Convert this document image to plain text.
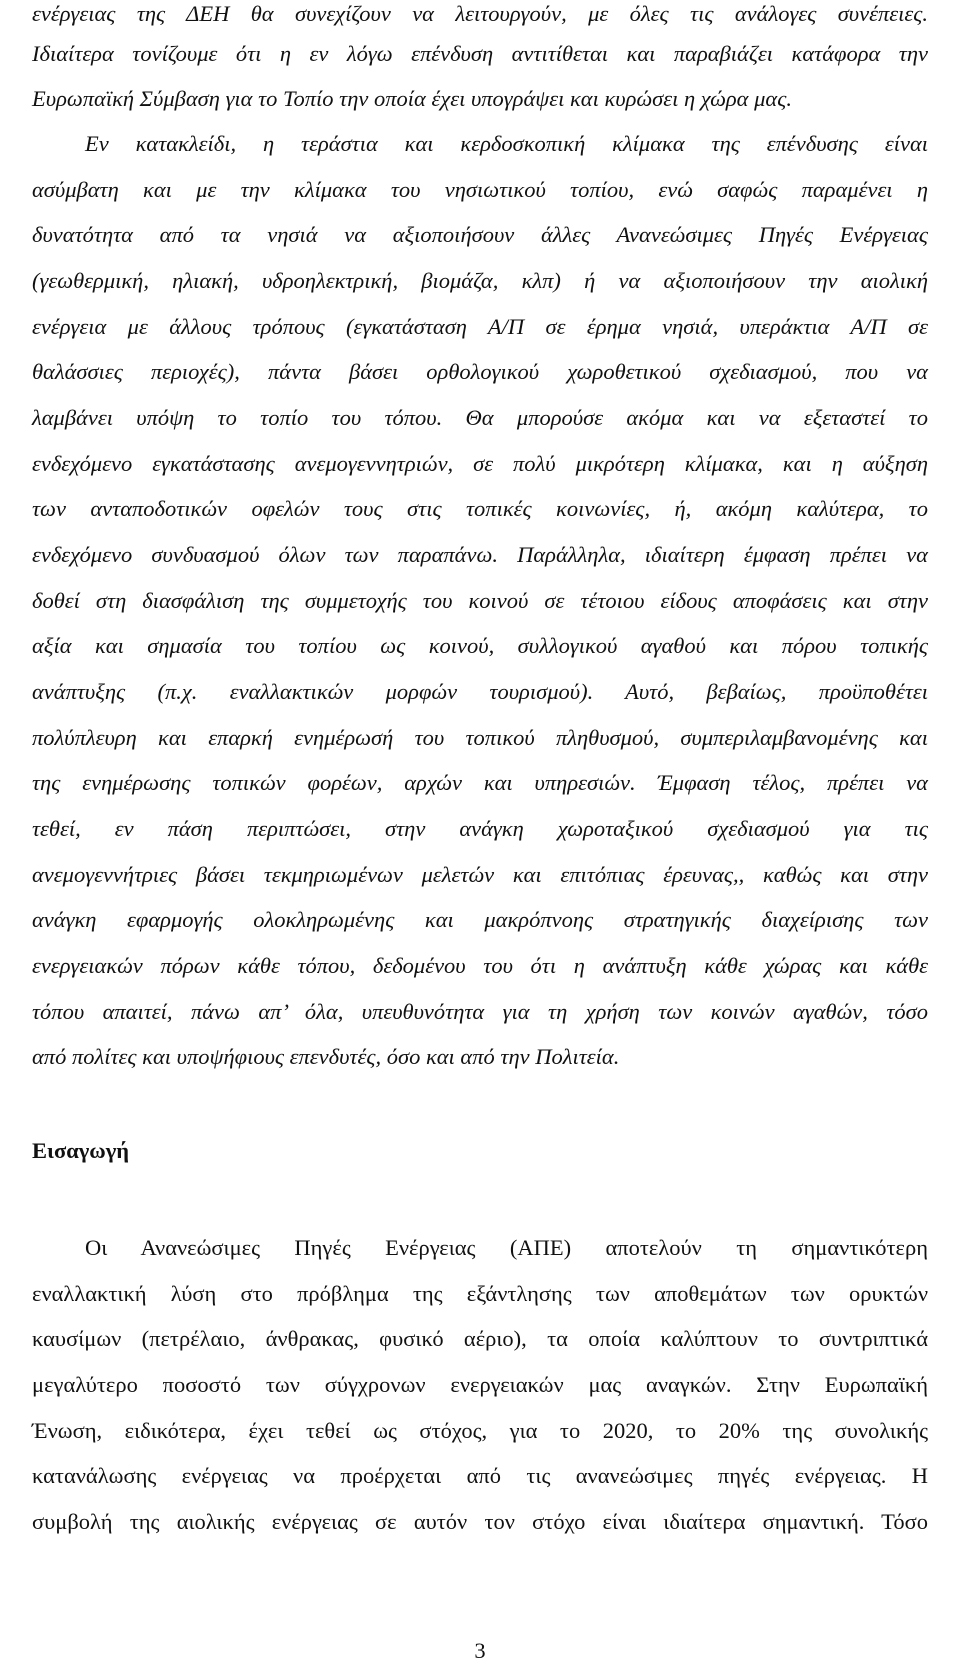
ενέργειας της ΔΕΗ θα συνεχίζουν να λειτουργούν, με όλες τις ανάλογες συνέπειες.
Ιδιαίτερα τονίζουμε ότι η εν λόγω επένδυση αντιτίθεται και παραβιάζει κατάφορα την
Ευρωπαϊκή Σύμβαση για το Τοπίο την οποία έχει υπογράψει και κυρώσει η χώρα μας.
Εν κατακλείδι, η τεράστια και κερδοσκοπική κλίμακα της επένδυσης είναι
ασύμβατη και με την κλίμακα του νησιωτικού τοπίου, ενώ σαφώς παραμένει η
δυνατότητα από τα νησιά να αξιοποιήσουν άλλες Ανανεώσιμες Πηγές Ενέργειας
(γεωθερμική, ηλιακή, υδροηλεκτρική, βιομάζα, κλπ) ή να αξιοποιήσουν την αιολική
ενέργεια με άλλους τρόπους (εγκατάσταση Α/Π σε έρημα νησιά, υπεράκτια Α/Π σε
θαλάσσιες περιοχές), πάντα βάσει ορθολογικού χωροθετικού σχεδιασμού, που να
λαμβάνει υπόψη το τοπίο του τόπου. Θα μπορούσε ακόμα και να εξεταστεί το
ενδεχόμενο εγκατάστασης ανεμογεννητριών, σε πολύ μικρότερη κλίμακα, και η αύξηση
των ανταποδοτικών οφελών τους στις τοπικές κοινωνίες, ή, ακόμη καλύτερα, το
ενδεχόμενο συνδυασμού όλων των παραπάνω. Παράλληλα, ιδιαίτερη έμφαση πρέπει να
δοθεί στη διασφάλιση της συμμετοχής του κοινού σε τέτοιου είδους αποφάσεις και στην
αξία και σημασία του τοπίου ως κοινού, συλλογικού αγαθού και πόρου τοπικής
ανάπτυξης (π.χ. εναλλακτικών μορφών τουρισμού). Αυτό, βεβαίως, προϋποθέτει
πολύπλευρη και επαρκή ενημέρωσή του τοπικού πληθυσμού, συμπεριλαμβανομένης και
της ενημέρωσης τοπικών φορέων, αρχών και υπηρεσιών. Έμφαση τέλος, πρέπει να
τεθεί, εν πάση περιπτώσει, στην ανάγκη χωροταξικού σχεδιασμού για τις
ανεμογεννήτριες βάσει τεκμηριωμένων μελετών και επιτόπιας έρευνας,, καθώς και στην
ανάγκη εφαρμογής ολοκληρωμένης και μακρόπνοης στρατηγικής διαχείρισης των
ενεργειακών πόρων κάθε τόπου, δεδομένου του ότι η ανάπτυξη κάθε χώρας και κάθε
τόπου απαιτεί, πάνω απ’ όλα, υπευθυνότητα για τη χρήση των κοινών αγαθών, τόσο
από πολίτες και υποψήφιους επενδυτές, όσο και από την Πολιτεία.
Εισαγωγή
Οι Ανανεώσιμες Πηγές Ενέργειας (ΑΠΕ) αποτελούν τη σημαντικότερη
εναλλακτική λύση στο πρόβλημα της εξάντλησης των αποθεμάτων των ορυκτών
καυσίμων (πετρέλαιο, άνθρακας, φυσικό αέριο), τα οποία καλύπτουν το συντριπτικά
μεγαλύτερο ποσοστό των σύγχρονων ενεργειακών μας αναγκών. Στην Ευρωπαϊκή
Ένωση, ειδικότερα, έχει τεθεί ως στόχος, για το 2020, το 20% της συνολικής
κατανάλωσης ενέργειας να προέρχεται από τις ανανεώσιμες πηγές ενέργειας. Η
συμβολή της αιολικής ενέργειας σε αυτόν τον στόχο είναι ιδιαίτερα σημαντική. Τόσο
3
